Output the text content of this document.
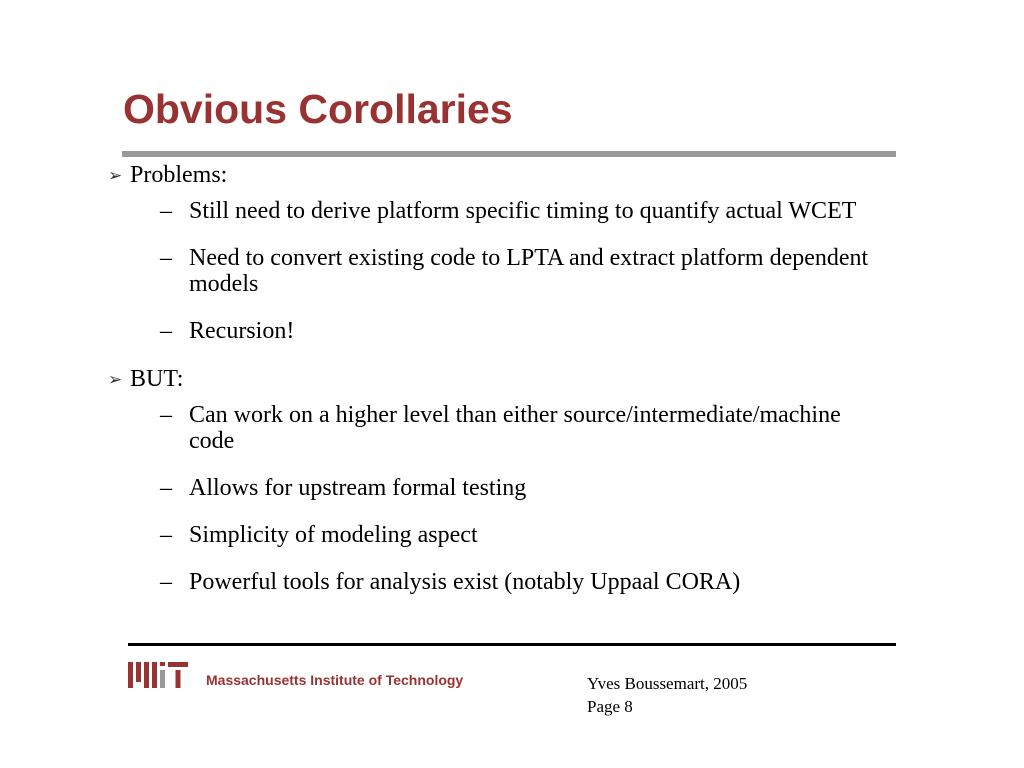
Obvious Corollaries
➢ Problems:
– Still need to derive platform specific timing to quantify actual WCET
– Need to convert existing code to LPTA and extract platform dependent models
– Recursion!
➢ BUT:
– Can work on a higher level than either source/intermediate/machine code
– Allows for upstream formal testing
– Simplicity of modeling aspect
– Powerful tools for analysis exist (notably Uppaal CORA)
Massachusetts Institute of Technology	Yves Boussemart, 2005
Page 8
